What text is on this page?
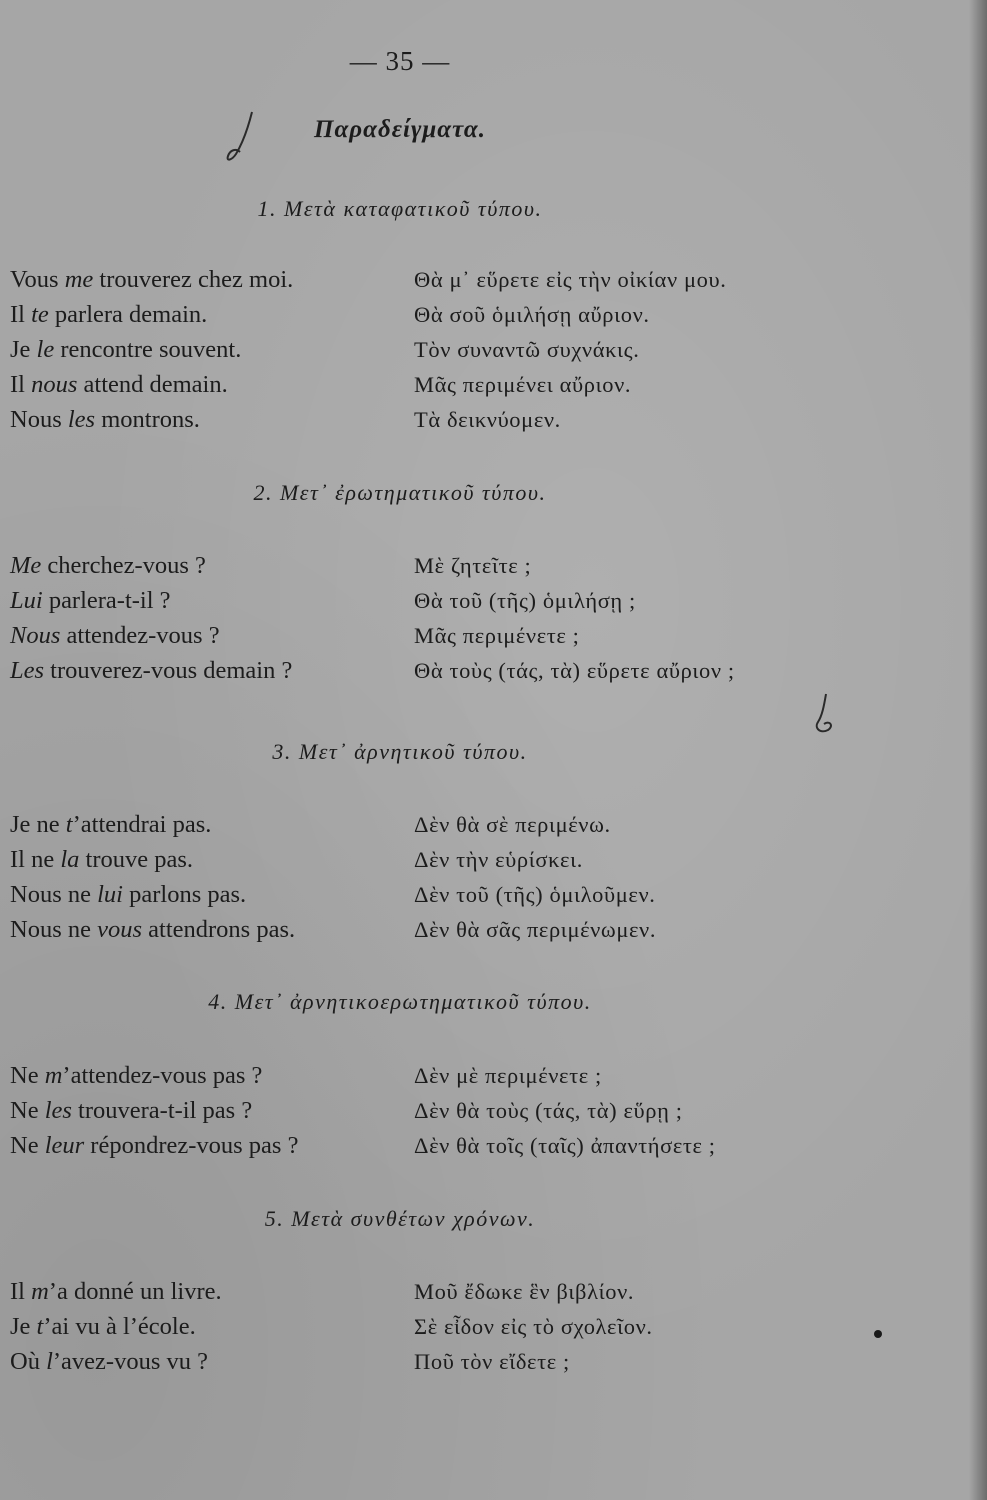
— 35 —
Παραδείγματα.
1. Μετὰ καταφατικοῦ τύπου.
Vous me trouverez chez moi.	Θὰ μ᾽ εὕρετε εἰς τὴν οἰκίαν μου.
Il te parlera demain.	Θὰ σοῦ ὁμιλήσῃ αὔριον.
Je le rencontre souvent.	Τὸν συναντῶ συχνάκις.
Il nous attend demain.	Μᾶς περιμένει αὔριον.
Nous les montrons.	Τὰ δεικνύομεν.
2. Μετ᾽ ἐρωτηματικοῦ τύπου.
Me cherchez-vous ?	Μὲ ζητεῖτε ;
Lui parlera-t-il ?	Θὰ τοῦ (τῆς) ὁμιλήσῃ ;
Nous attendez-vous ?	Μᾶς περιμένετε ;
Les trouverez-vous demain ?	Θὰ τοὺς (τάς, τὰ) εὕρετε αὔριον ;
3. Μετ᾽ ἀρνητικοῦ τύπου.
Je ne t’attendrai pas.	Δὲν θὰ σὲ περιμένω.
Il ne la trouve pas.	Δὲν τὴν εὑρίσκει.
Nous ne lui parlons pas.	Δὲν τοῦ (τῆς) ὁμιλοῦμεν.
Nous ne vous attendrons pas.	Δὲν θὰ σᾶς περιμένωμεν.
4. Μετ᾽ ἀρνητικοερωτηματικοῦ τύπου.
Ne m’attendez-vous pas ?	Δὲν μὲ περιμένετε ;
Ne les trouvera-t-il pas ?	Δὲν θὰ τοὺς (τάς, τὰ) εὕρῃ ;
Ne leur répondrez-vous pas ?	Δὲν θὰ τοῖς (ταῖς) ἀπαντήσετε ;
5. Μετὰ συνθέτων χρόνων.
Il m’a donné un livre.	Μοῦ ἔδωκε ἓν βιβλίον.
Je t’ai vu à l’école.	Σὲ εἶδον εἰς τὸ σχολεῖον.
Où l’avez-vous vu ?	Ποῦ τὸν εἴδετε ;
